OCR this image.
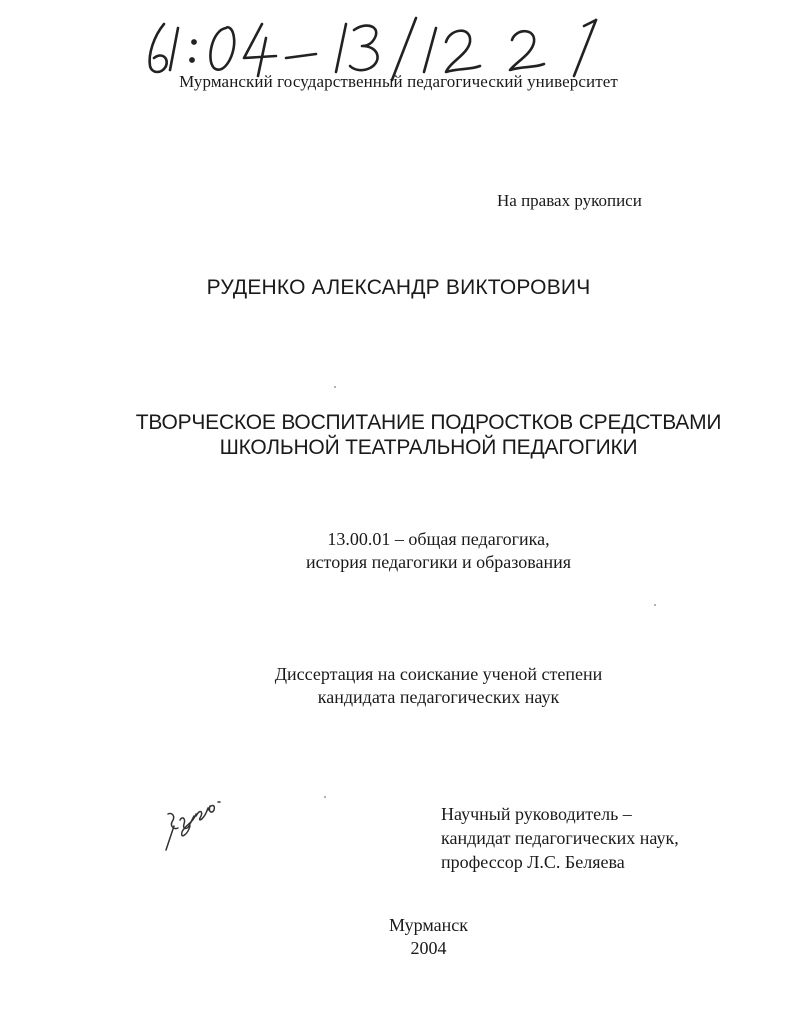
Мурманский государственный педагогический университет
На правах рукописи
РУДЕНКО АЛЕКСАНДР ВИКТОРОВИЧ
ТВОРЧЕСКОЕ ВОСПИТАНИЕ ПОДРОСТКОВ СРЕДСТВАМИ
ШКОЛЬНОЙ ТЕАТРАЛЬНОЙ ПЕДАГОГИКИ
13.00.01 – общая педагогика,
история педагогики и образования
Диссертация на соискание ученой степени
кандидата педагогических наук
Научный руководитель –
кандидат педагогических наук,
профессор Л.С. Беляева
Мурманск
2004
